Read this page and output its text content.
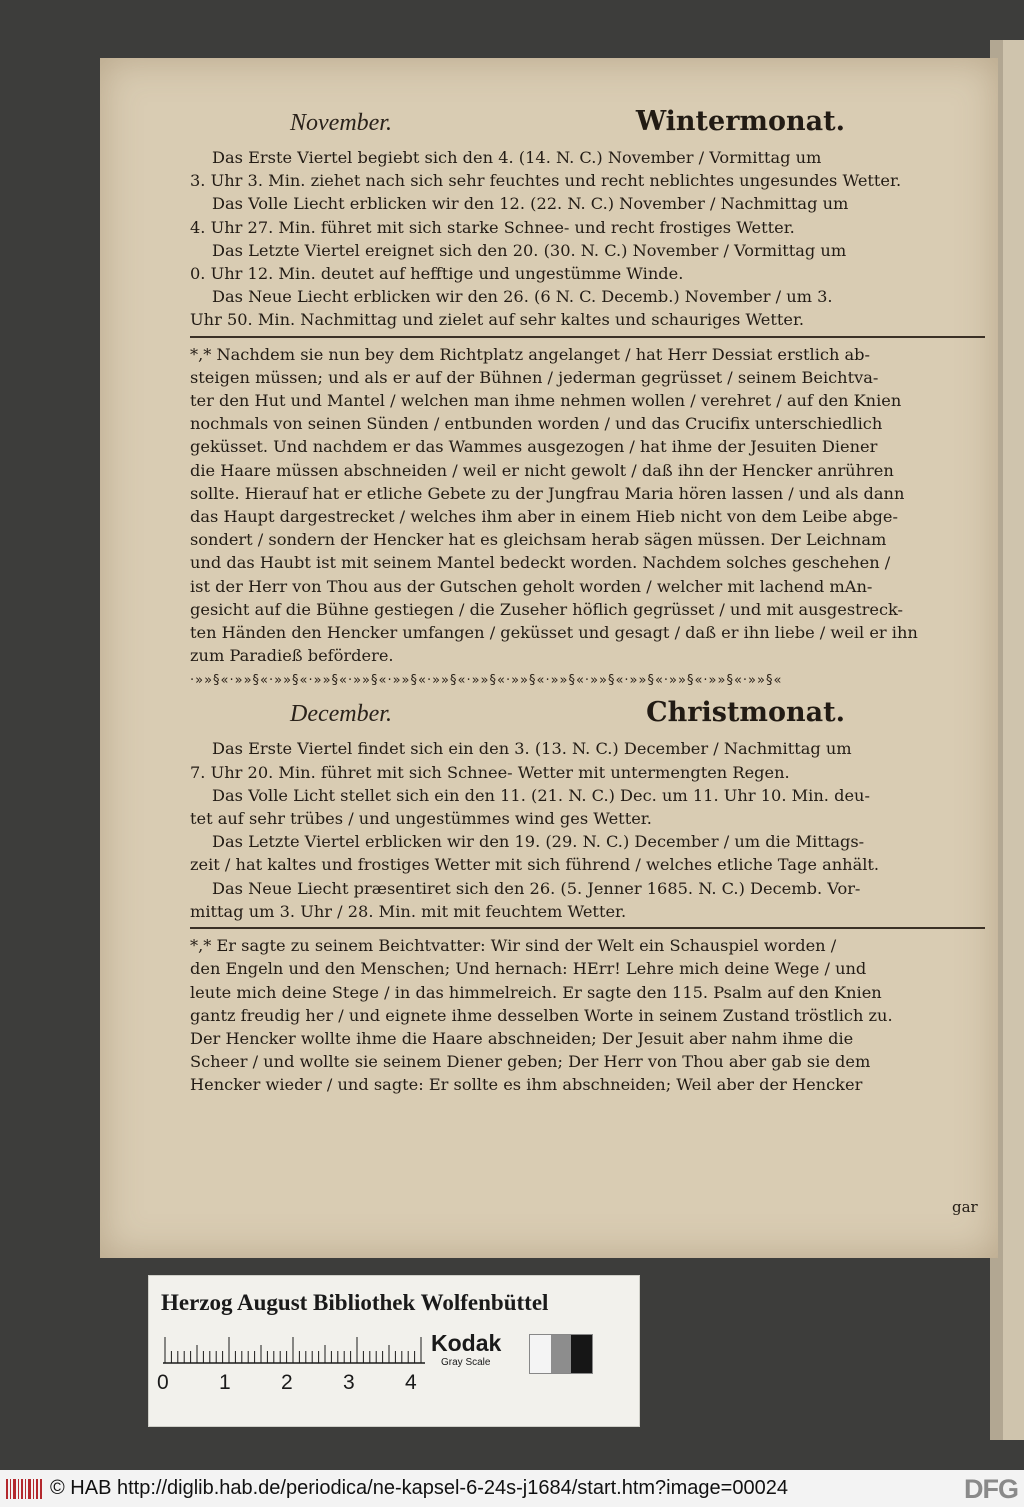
November.	Wintermonat.
Das Erste Viertel begiebt sich den 4. (14. N. C.) November / Vormittag um
3. Uhr 3. Min. ziehet nach sich sehr feuchtes und recht neblichtes ungesundes Wetter.
Das Volle Liecht erblicken wir den 12. (22. N. C.) November / Nachmittag um
4. Uhr 27. Min. führet mit sich starke Schnee- und recht frostiges Wetter.
Das Letzte Viertel ereignet sich den 20. (30. N. C.) November / Vormittag um
0. Uhr 12. Min. deutet auf hefftige und ungestümme Winde.
Das Neue Liecht erblicken wir den 26. (6 N. C. Decemb.) November / um 3.
Uhr 50. Min. Nachmittag und zielet auf sehr kaltes und schauriges Wetter.
*,* Nachdem sie nun bey dem Richtplatz angelanget / hat Herr Dessiat erstlich ab-
steigen müssen; und als er auf der Bühnen / jederman gegrüsset / seinem Beichtva-
ter den Hut und Mantel / welchen man ihme nehmen wollen / verehret / auf den Knien
nochmals von seinen Sünden / entbunden worden / und das Crucifix unterschiedlich
geküsset. Und nachdem er das Wammes ausgezogen / hat ihme der Jesuiten Diener
die Haare müssen abschneiden / weil er nicht gewolt / daß ihn der Hencker anrühren
sollte. Hierauf hat er etliche Gebete zu der Jungfrau Maria hören lassen / und als dann
das Haupt dargestrecket / welches ihm aber in einem Hieb nicht von dem Leibe abge-
sondert / sondern der Hencker hat es gleichsam herab sägen müssen. Der Leichnam
und das Haubt ist mit seinem Mantel bedeckt worden. Nachdem solches geschehen /
ist der Herr von Thou aus der Gutschen geholt worden / welcher mit lachend mAn-
gesicht auf die Bühne gestiegen / die Zuseher höflich gegrüsset / und mit ausgestreck-
ten Händen den Hencker umfangen / geküsset und gesagt / daß er ihn liebe / weil er ihn
zum Paradieß befördere.
·»»§«·»»§«·»»§«·»»§«·»»§«·»»§«·»»§«·»»§«·»»§«·»»§«·»»§«·»»§«·»»§«·»»§«·»»§«
December.	Christmonat.
Das Erste Viertel findet sich ein den 3. (13. N. C.) December / Nachmittag um
7. Uhr 20. Min. führet mit sich Schnee- Wetter mit untermengten Regen.
Das Volle Licht stellet sich ein den 11. (21. N. C.) Dec. um 11. Uhr 10. Min. deu-
tet auf sehr trübes / und ungestümmes wind ges Wetter.
Das Letzte Viertel erblicken wir den 19. (29. N. C.) December / um die Mittags-
zeit / hat kaltes und frostiges Wetter mit sich führend / welches etliche Tage anhält.
Das Neue Liecht præsentiret sich den 26. (5. Jenner 1685. N. C.) Decemb. Vor-
mittag um 3. Uhr / 28. Min. mit mit feuchtem Wetter.
*,* Er sagte zu seinem Beichtvatter: Wir sind der Welt ein Schauspiel worden /
den Engeln und den Menschen; Und hernach: HErr! Lehre mich deine Wege / und
leute mich deine Stege / in das himmelreich. Er sagte den 115. Psalm auf den Knien
gantz freudig her / und eignete ihme desselben Worte in seinem Zustand tröstlich zu.
Der Hencker wollte ihme die Haare abschneiden; Der Jesuit aber nahm ihme die
Scheer / und wollte sie seinem Diener geben; Der Herr von Thou aber gab sie dem
Hencker wieder / und sagte: Er sollte es ihm abschneiden; Weil aber der Hencker
gar
Herzog August Bibliothek Wolfenbüttel
0 1 2 3 4
Kodak
Gray Scale
© HAB http://diglib.hab.de/periodica/ne-kapsel-6-24s-j1684/start.htm?image=00024	DFG
